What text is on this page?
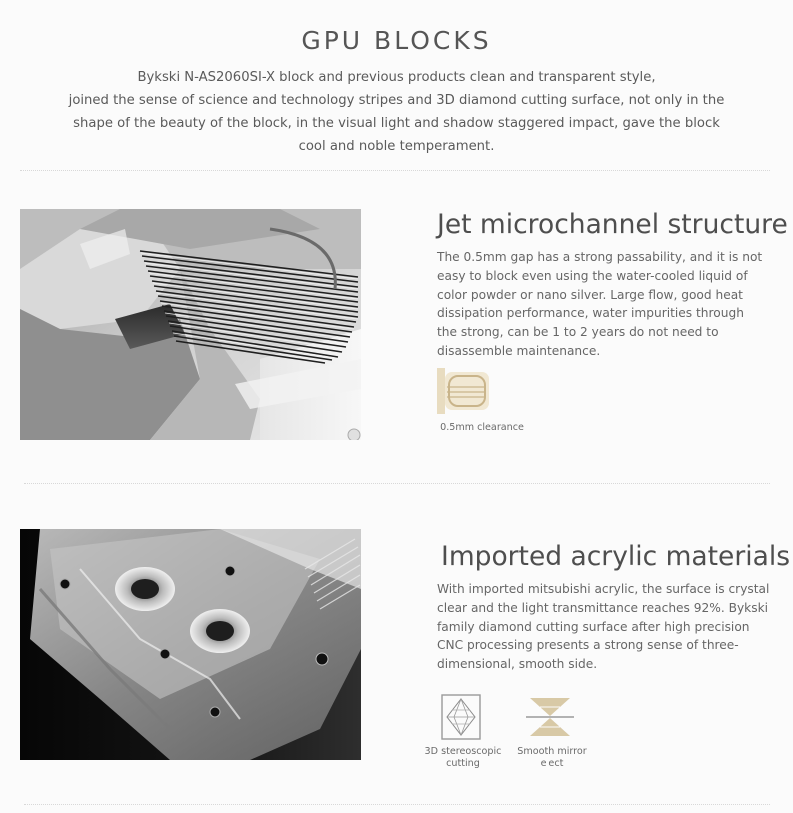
GPU BLOCKS
Bykski N-AS2060SI-X block and previous products clean and transparent style,
joined the sense of science and technology stripes and 3D diamond cutting surface, not only in the
shape of the beauty of the block, in the visual light and shadow staggered impact, gave the block
cool and noble temperament.
Jet microchannel structure
The 0.5mm gap has a strong passability, and it is not
easy to block even using the water-cooled liquid of
color powder or nano silver. Large flow, good heat
dissipation performance, water impurities through
the strong, can be 1 to 2 years do not need to
disassemble maintenance.
0.5mm clearance
Imported acrylic materials
With imported mitsubishi acrylic, the surface is crystal
clear and the light transmittance reaches 92%. Bykski
family diamond cutting surface after high precision
CNC processing presents a strong sense of three-
dimensional, smooth side.
3D stereoscopic
cutting
Smooth mirror
e ect
